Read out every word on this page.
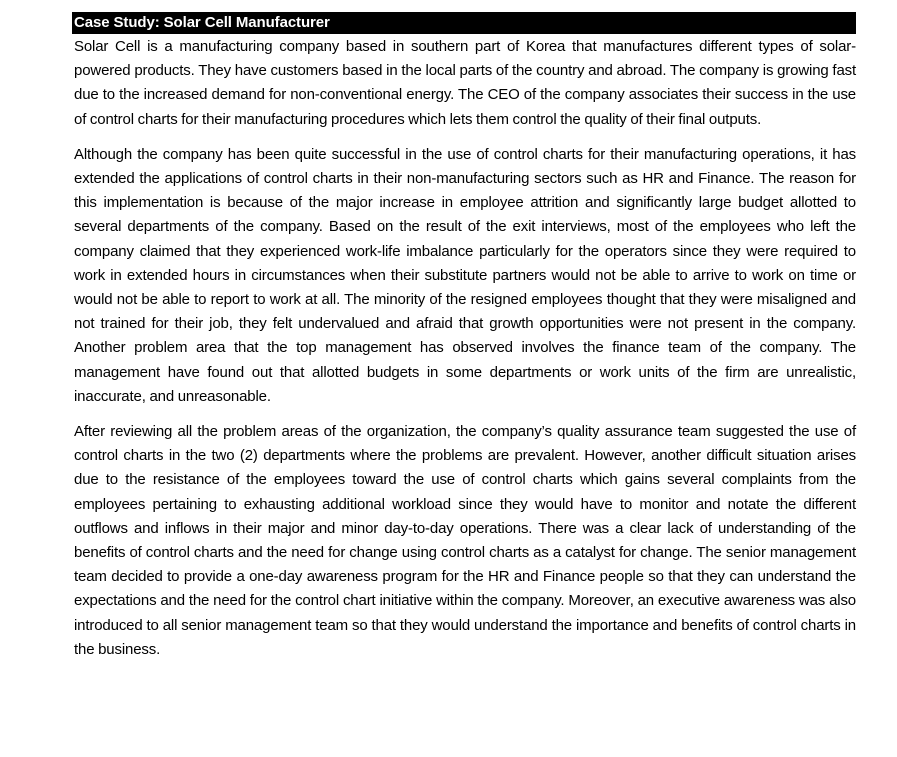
Case Study: Solar Cell Manufacturer

Solar Cell is a manufacturing company based in southern part of Korea that manufactures different types of solar-powered products. They have customers based in the local parts of the country and abroad. The company is growing fast due to the increased demand for non-conventional energy. The CEO of the company associates their success in the use of control charts for their manufacturing procedures which lets them control the quality of their final outputs.

Although the company has been quite successful in the use of control charts for their manufacturing operations, it has extended the applications of control charts in their non-manufacturing sectors such as HR and Finance. The reason for this implementation is because of the major increase in employee attrition and significantly large budget allotted to several departments of the company. Based on the result of the exit interviews, most of the employees who left the company claimed that they experienced work-life imbalance particularly for the operators since they were required to work in extended hours in circumstances when their substitute partners would not be able to arrive to work on time or would not be able to report to work at all. The minority of the resigned employees thought that they were misaligned and not trained for their job, they felt undervalued and afraid that growth opportunities were not present in the company. Another problem area that the top management has observed involves the finance team of the company. The management have found out that allotted budgets in some departments or work units of the firm are unrealistic, inaccurate, and unreasonable.

After reviewing all the problem areas of the organization, the company’s quality assurance team suggested the use of control charts in the two (2) departments where the problems are prevalent. However, another difficult situation arises due to the resistance of the employees toward the use of control charts which gains several complaints from the employees pertaining to exhausting additional workload since they would have to monitor and notate the different outflows and inflows in their major and minor day-to-day operations. There was a clear lack of understanding of the benefits of control charts and the need for change using control charts as a catalyst for change. The senior management team decided to provide a one-day awareness program for the HR and Finance people so that they can understand the expectations and the need for the control chart initiative within the company. Moreover, an executive awareness was also introduced to all senior management team so that they would understand the importance and benefits of control charts in the business.
